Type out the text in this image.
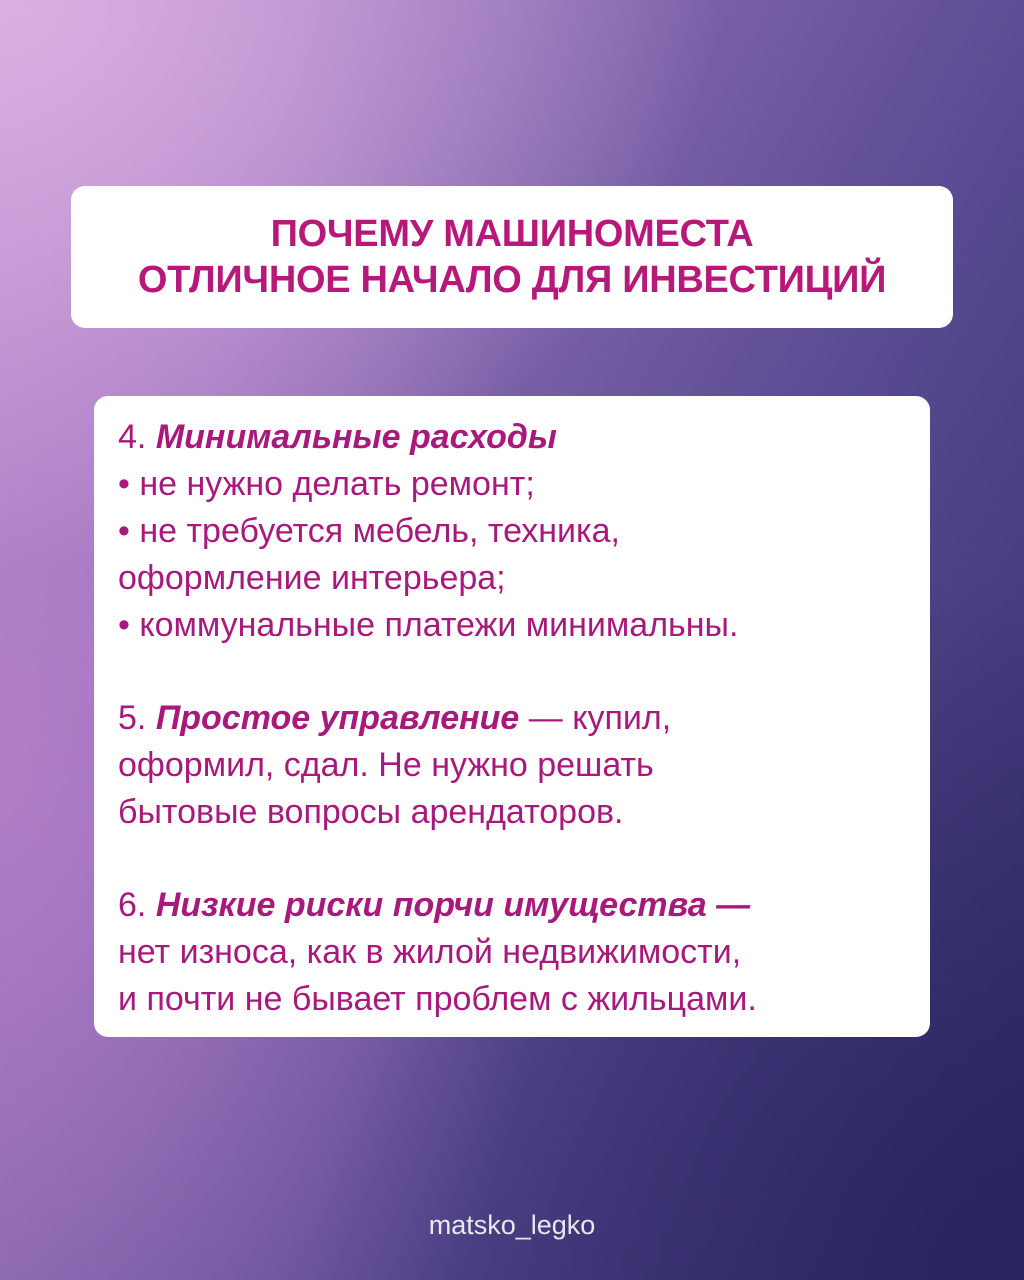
ПОЧЕМУ МАШИНОМЕСТА
ОТЛИЧНОЕ НАЧАЛО ДЛЯ ИНВЕСТИЦИЙ
4. Минимальные расходы
• не нужно делать ремонт;
• не требуется мебель, техника,
оформление интерьера;
• коммунальные платежи минимальны.
5. Простое управление — купил,
оформил, сдал. Не нужно решать
бытовые вопросы арендаторов.
6. Низкие риски порчи имущества —
нет износа, как в жилой недвижимости,
и почти не бывает проблем с жильцами.
matsko_legko
